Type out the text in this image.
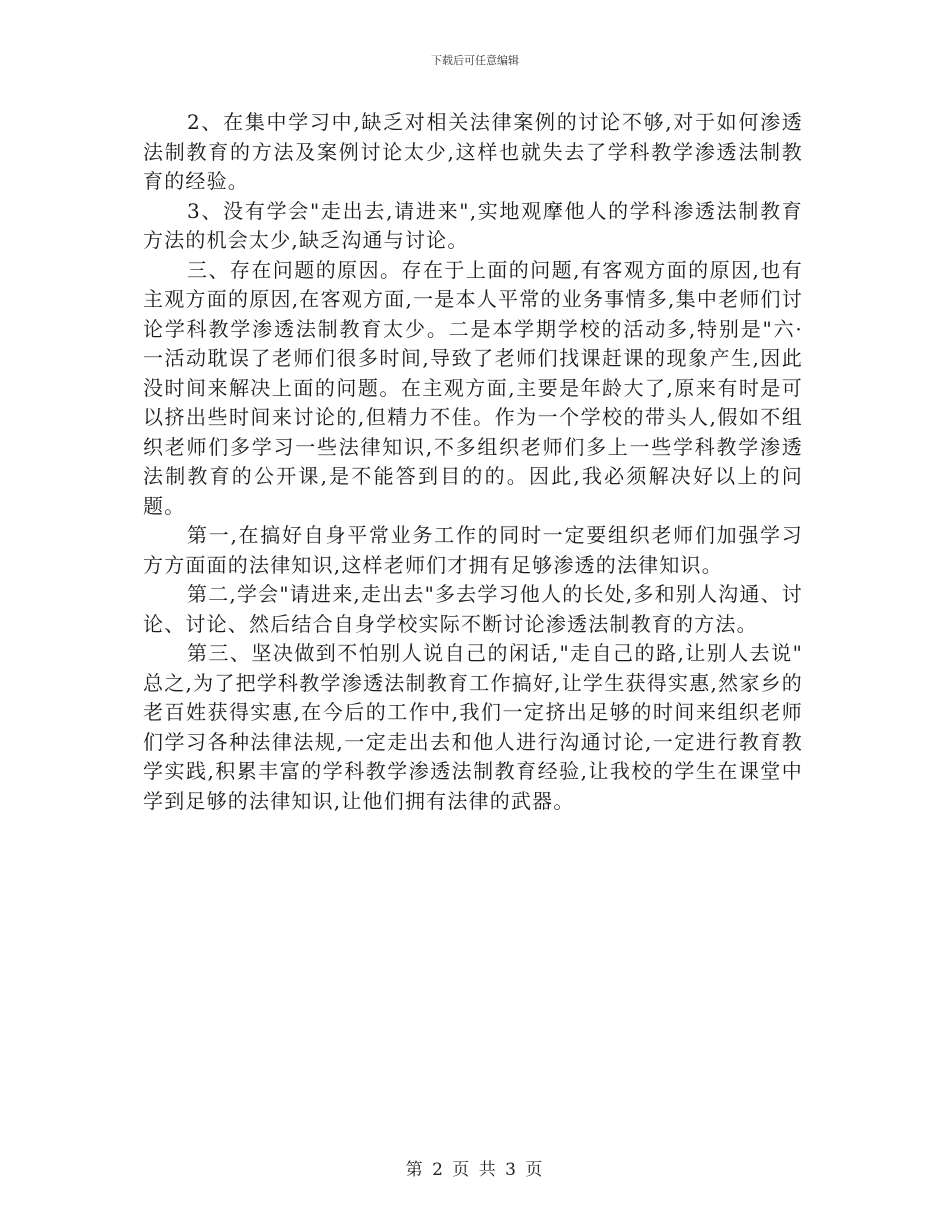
下载后可任意编辑

2、在集中学习中,缺乏对相关法律案例的讨论不够,对于如何渗透法制教育的方法及案例讨论太少,这样也就失去了学科教学渗透法制教育的经验。

3、没有学会"走出去,请进来",实地观摩他人的学科渗透法制教育方法的机会太少,缺乏沟通与讨论。

三、存在问题的原因。存在于上面的问题,有客观方面的原因,也有主观方面的原因,在客观方面,一是本人平常的业务事情多,集中老师们讨论学科教学渗透法制教育太少。二是本学期学校的活动多,特别是"六·一活动耽误了老师们很多时间,导致了老师们找课赶课的现象产生,因此没时间来解决上面的问题。在主观方面,主要是年龄大了,原来有时是可以挤出些时间来讨论的,但精力不佳。作为一个学校的带头人,假如不组织老师们多学习一些法律知识,不多组织老师们多上一些学科教学渗透法制教育的公开课,是不能答到目的的。因此,我必须解决好以上的问题。

第一,在搞好自身平常业务工作的同时一定要组织老师们加强学习方方面面的法律知识,这样老师们才拥有足够渗透的法律知识。

第二,学会"请进来,走出去"多去学习他人的长处,多和别人沟通、讨论、讨论、然后结合自身学校实际不断讨论渗透法制教育的方法。

第三、坚决做到不怕别人说自己的闲话,"走自己的路,让别人去说" 总之,为了把学科教学渗透法制教育工作搞好,让学生获得实惠,然家乡的老百姓获得实惠,在今后的工作中,我们一定挤出足够的时间来组织老师们学习各种法律法规,一定走出去和他人进行沟通讨论,一定进行教育教学实践,积累丰富的学科教学渗透法制教育经验,让我校的学生在课堂中学到足够的法律知识,让他们拥有法律的武器。

第 2 页 共 3 页
